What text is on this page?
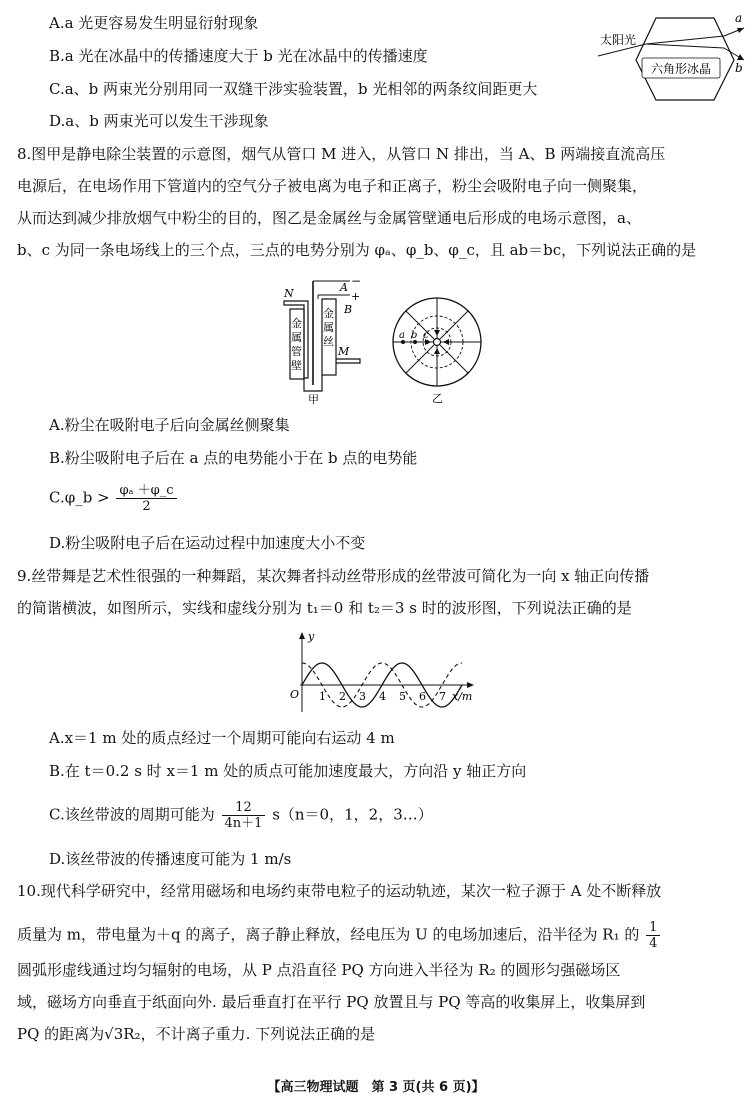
A.a 光更容易发生明显衍射现象
B.a 光在冰晶中的传播速度大于 b 光在冰晶中的传播速度
C.a、b 两束光分别用同一双缝干涉实验装置，b 光相邻的两条纹间距更大
D.a、b 两束光可以发生干涉现象
六角形冰晶
太阳光
a
b
8.图甲是静电除尘装置的示意图，烟气从管口 M 进入，从管口 N 排出，当 A、B 两端接直流高压
电源后，在电场作用下管道内的空气分子被电离为电子和正离子，粉尘会吸附电子向一侧聚集，
从而达到减少排放烟气中粉尘的目的，图乙是金属丝与金属管壁通电后形成的电场示意图，a、
b、c 为同一条电场线上的三个点，三点的电势分别为 φₐ、φ_b、φ_c，且 ab＝bc，下列说法正确的是
N	A −
+
B
M
金
属
管
壁
金
属
丝
甲
a b c
乙
A.粉尘在吸附电子后向金属丝侧聚集
B.粉尘吸附电子后在 a 点的电势能小于在 b 点的电势能
C.φ_b > $\frac{\text{φₐ ＋φ\_c}}{2}$
D.粉尘吸附电子后在运动过程中加速度大小不变
9.丝带舞是艺术性很强的一种舞蹈，某次舞者抖动丝带形成的丝带波可简化为一向 x 轴正向传播
的简谐横波，如图所示，实线和虚线分别为 t₁＝0 和 t₂＝3 s 时的波形图，下列说法正确的是
y
O	x/m
1 2 3 4 5 6 7
A.x＝1 m 处的质点经过一个周期可能向右运动 4 m
B.在 t＝0.2 s 时 x＝1 m 处的质点可能加速度最大，方向沿 y 轴正方向
C.该丝带波的周期可能为 $\frac{12}{4n+1} s(n=0$，1，2，3…）
D.该丝带波的传播速度可能为 1 m/s
10.现代科学研究中，经常用磁场和电场约束带电粒子的运动轨迹，某次一粒子源于 A 处不断释放
质量为 m，带电量为＋q 的离子，离子静止释放，经电压为 U 的电场加速后，沿半径为 R₁ 的 $\frac{1}{4}$
圆弧形虚线通过均匀辐射的电场，从 P 点沿直径 PQ 方向进入半径为 R₂ 的圆形匀强磁场区
域，磁场方向垂直于纸面向外. 最后垂直打在平行 PQ 放置且与 PQ 等高的收集屏上，收集屏到
PQ 的距离为√3R₂，不计离子重力. 下列说法正确的是
【高三物理试题　第 3 页(共 6 页)】
